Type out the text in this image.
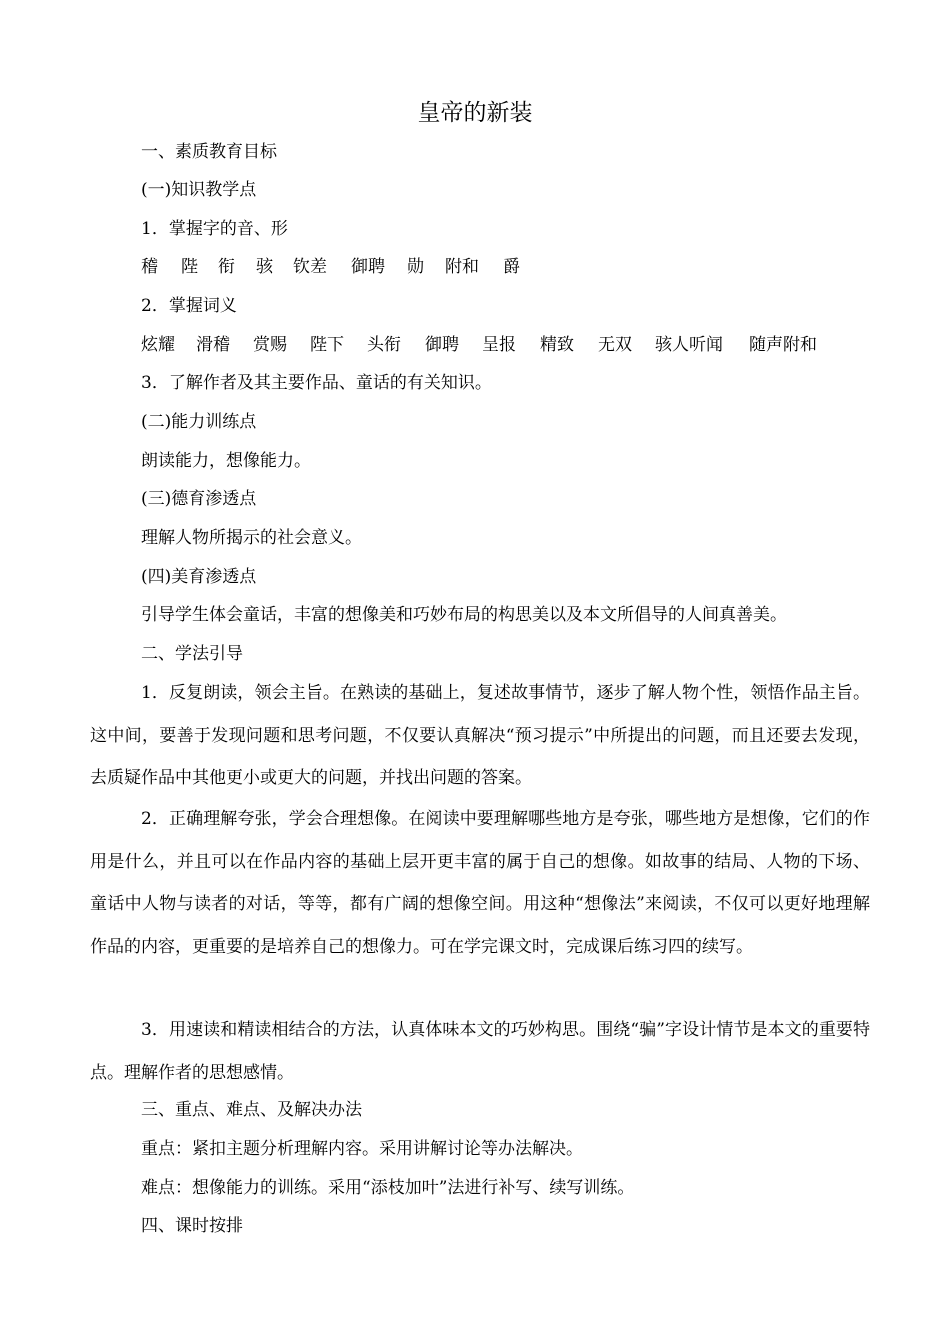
皇帝的新装

一、素质教育目标

(一)知识教学点

1．掌握字的音、形

稽 陛 衔 骇 钦差 御聘 勋 附和 爵

2．掌握词义

炫耀 滑稽 赏赐 陛下 头衔 御聘 呈报 精致 无双 骇人听闻 随声附和

3．了解作者及其主要作品、童话的有关知识。

(二)能力训练点

朗读能力，想像能力。

(三)德育渗透点

理解人物所揭示的社会意义。

(四)美育渗透点

引导学生体会童话，丰富的想像美和巧妙布局的构思美以及本文所倡导的人间真善美。

二、学法引导

1．反复朗读，领会主旨。在熟读的基础上，复述故事情节，逐步了解人物个性，领悟作品主旨。这中间，要善于发现问题和思考问题，不仅要认真解决“预习提示”中所提出的问题，而且还要去发现，去质疑作品中其他更小或更大的问题，并找出问题的答案。

2．正确理解夸张，学会合理想像。在阅读中要理解哪些地方是夸张，哪些地方是想像，它们的作用是什么，并且可以在作品内容的基础上层开更丰富的属于自己的想像。如故事的结局、人物的下场、童话中人物与读者的对话，等等，都有广阔的想像空间。用这种“想像法”来阅读，不仅可以更好地理解作品的内容，更重要的是培养自己的想像力。可在学完课文时，完成课后练习四的续写。

3．用速读和精读相结合的方法，认真体味本文的巧妙构思。围绕“骗”字设计情节是本文的重要特点。理解作者的思想感情。

三、重点、难点、及解决办法

重点：紧扣主题分析理解内容。采用讲解讨论等办法解决。

难点：想像能力的训练。采用“添枝加叶”法进行补写、续写训练。

四、课时按排
